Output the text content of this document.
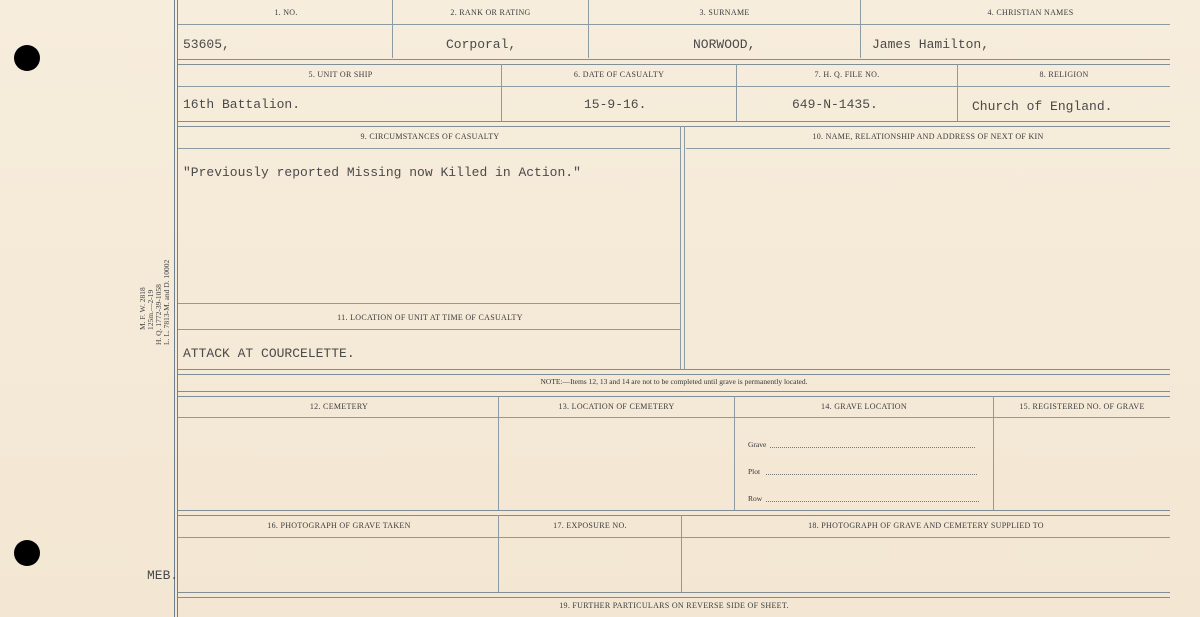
M. F. W. 2818 125m.—2-19 H. Q. 1772-39-1058 L. L. 7813-M. and D. 10002
1. NO.	2. RANK OR RATING	3. SURNAME	4. CHRISTIAN NAMES
53605,	Corporal,	NORWOOD,	James Hamilton,
5. UNIT OR SHIP	6. DATE OF CASUALTY	7. H. Q. FILE NO.	8. RELIGION
16th Battalion.	15-9-16.	649-N-1435.	Church of England.
9. CIRCUMSTANCES OF CASUALTY	10. NAME, RELATIONSHIP AND ADDRESS OF NEXT OF KIN
"Previously reported Missing now Killed in Action."
11. LOCATION OF UNIT AT TIME OF CASUALTY
ATTACK AT COURCELETTE.
NOTE:—Items 12, 13 and 14 are not to be completed until grave is permanently located.
12. CEMETERY	13. LOCATION OF CEMETERY	14. GRAVE LOCATION	15. REGISTERED NO. OF GRAVE
Grave
Plot
Row
16. PHOTOGRAPH OF GRAVE TAKEN	17. EXPOSURE NO.	18. PHOTOGRAPH OF GRAVE AND CEMETERY SUPPLIED TO
MEB.
19. FURTHER PARTICULARS ON REVERSE SIDE OF SHEET.
